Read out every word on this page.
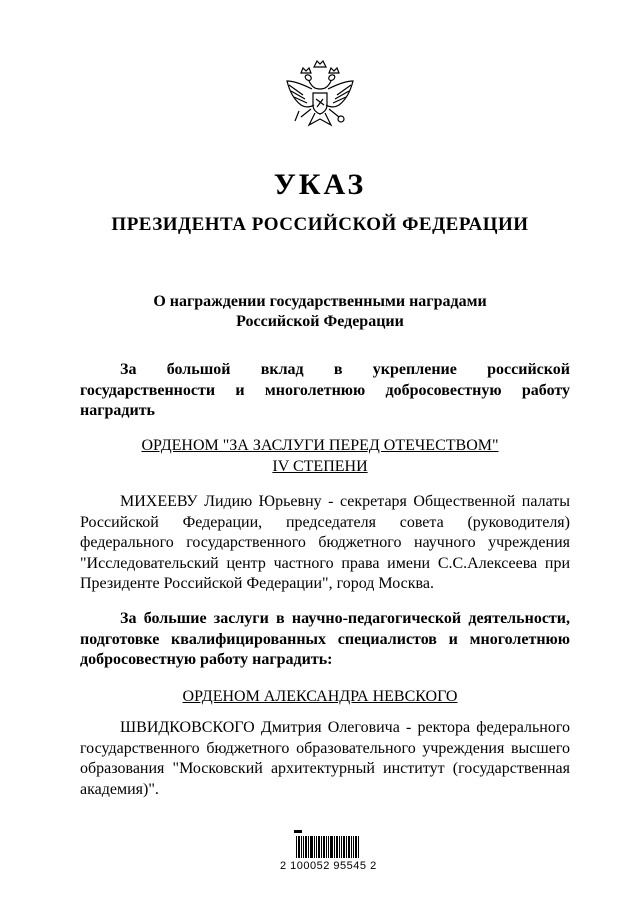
УКАЗ
ПРЕЗИДЕНТА РОССИЙСКОЙ ФЕДЕРАЦИИ
О награждении государственными наградами
Российской Федерации
За большой вклад в укрепление российской государственности и многолетнюю добросовестную работу наградить
ОРДЕНОМ "ЗА ЗАСЛУГИ ПЕРЕД ОТЕЧЕСТВОМ"
IV СТЕПЕНИ
МИХЕЕВУ Лидию Юрьевну - секретаря Общественной палаты Российской Федерации, председателя совета (руководителя) федерального государственного бюджетного научного учреждения "Исследовательский центр частного права имени С.С.Алексеева при Президенте Российской Федерации", город Москва.
За большие заслуги в научно-педагогической деятельности, подготовке квалифицированных специалистов и многолетнюю добросовестную работу наградить:
ОРДЕНОМ АЛЕКСАНДРА НЕВСКОГО
ШВИДКОВСКОГО Дмитрия Олеговича - ректора федерального государственного бюджетного образовательного учреждения высшего образования "Московский архитектурный институт (государственная академия)".
2 100052 95545 2
